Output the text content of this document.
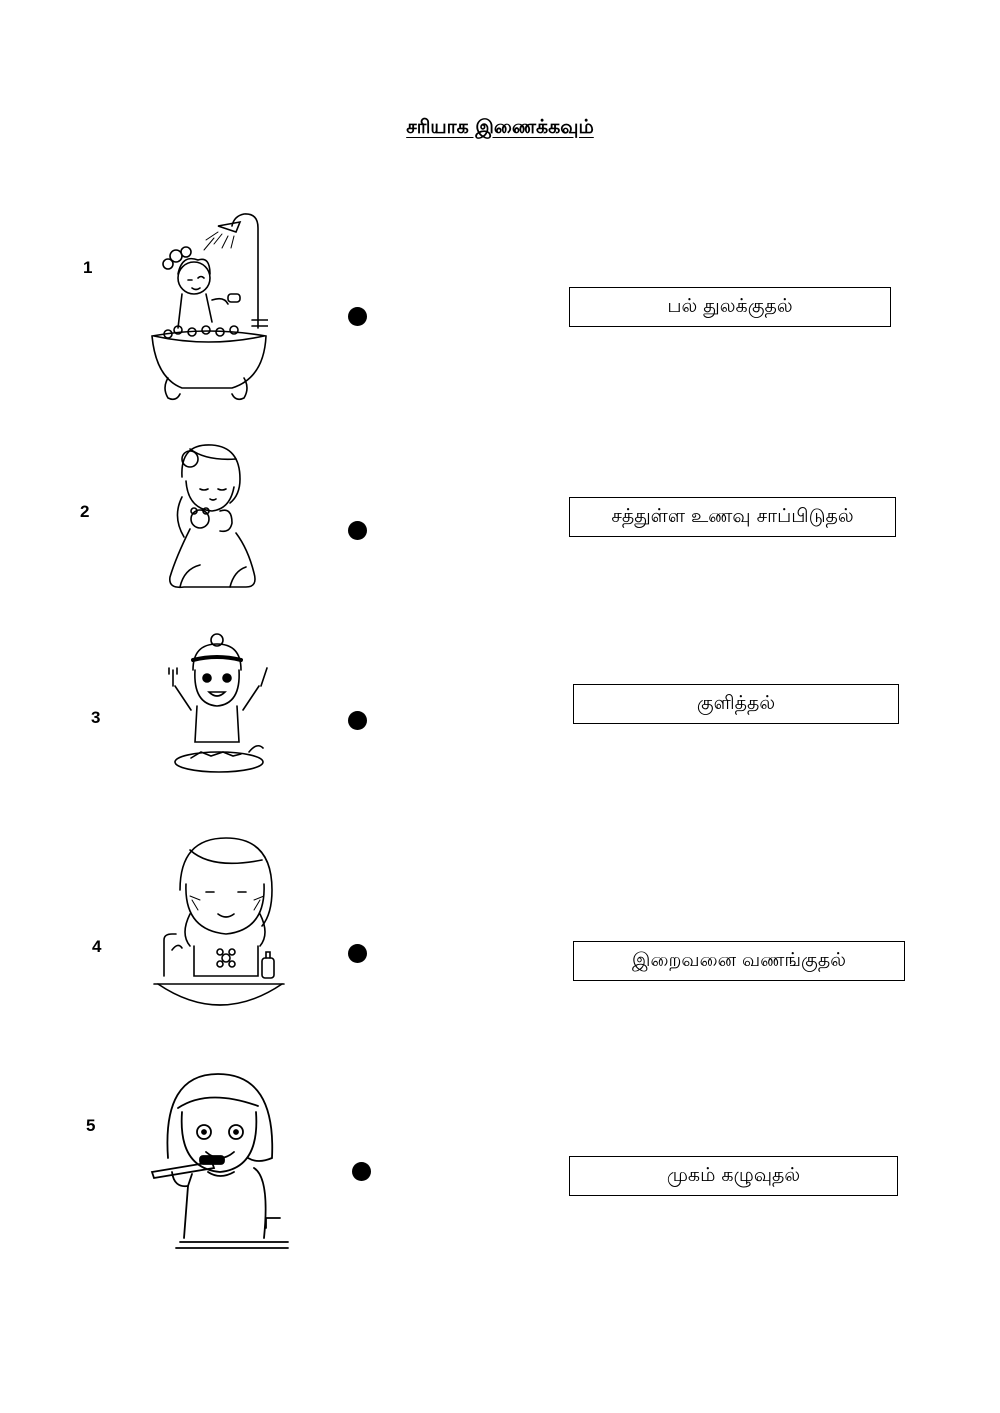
சரியாக இணைக்கவும்
1
பல் துலக்குதல்
2	சத்துள்ள உணவு சாப்பிடுதல்
3
குளித்தல்
4
இறைவனை வணங்குதல்
5
முகம் கழுவுதல்
